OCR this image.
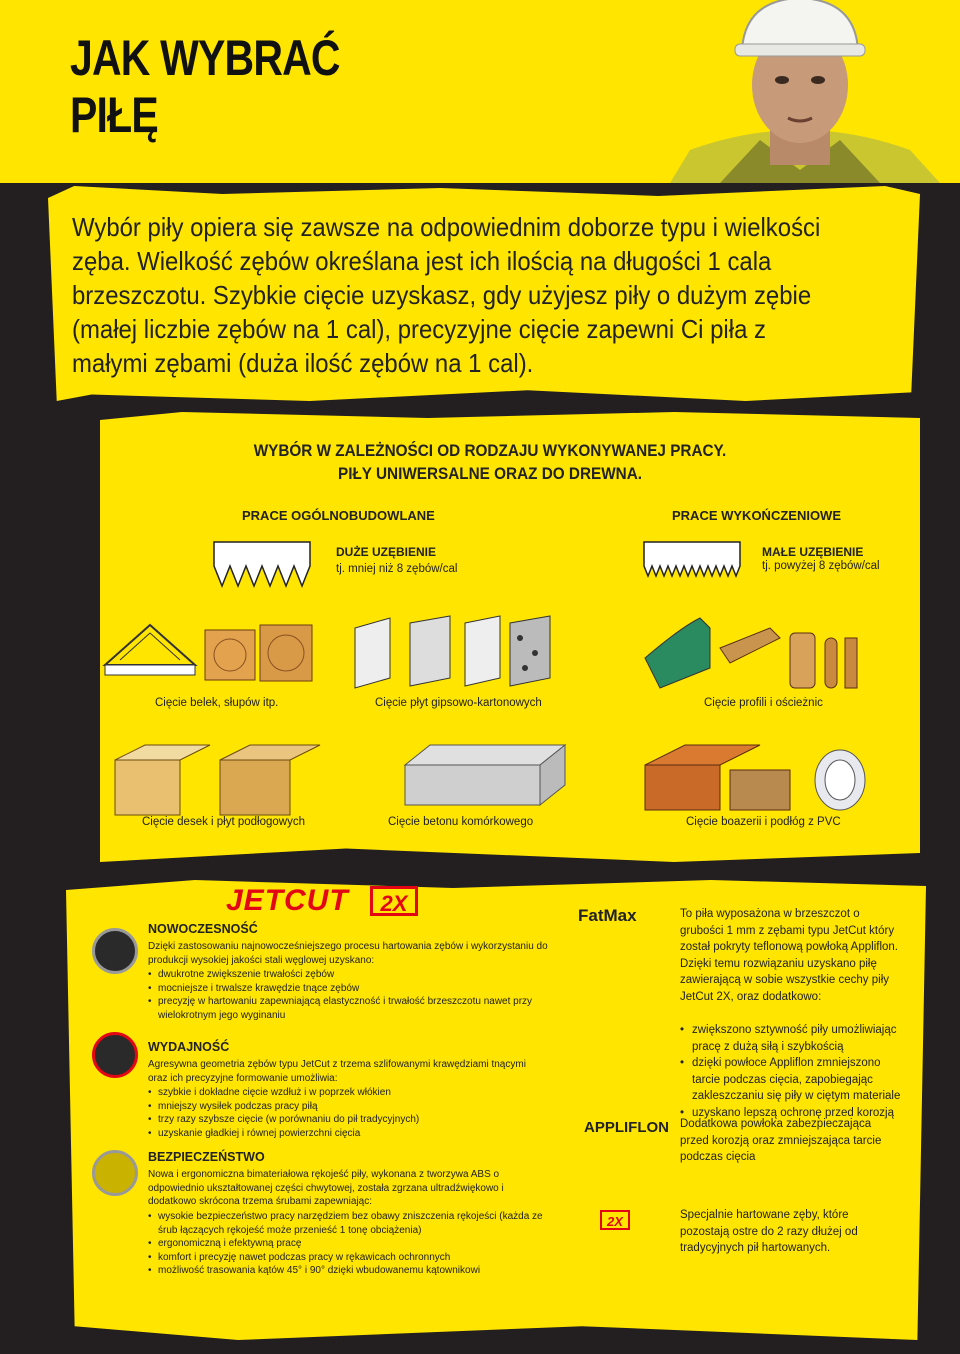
JAK WYBRAĆ
PIŁĘ
Wybór piły opiera się zawsze na odpowiednim doborze typu i wielkości zęba. Wielkość zębów określana jest ich ilością na długości 1 cala brzeszczotu. Szybkie cięcie uzyskasz, gdy użyjesz piły o dużym zębie (małej liczbie zębów na 1 cal), precyzyjne cięcie zapewni Ci piła z małymi zębami (duża ilość zębów na 1 cal).
WYBÓR W ZALEŻNOŚCI OD RODZAJU WYKONYWANEJ PRACY.
PIŁY UNIWERSALNE ORAZ DO DREWNA.
PRACE OGÓLNOBUDOWLANE	PRACE WYKOŃCZENIOWE
DUŻE UZĘBIENIE
tj. mniej niż 8 zębów/cal
MAŁE UZĘBIENIE
tj. powyżej 8 zębów/cal
Cięcie belek, słupów itp.	Cięcie płyt gipsowo-kartonowych	Cięcie profili i ościeżnic
Cięcie desek i płyt podłogowych	Cięcie betonu komórkowego	Cięcie boazerii i podłóg z PVC
JETCUT	2X
NOWOCZESNOŚĆ
Dzięki zastosowaniu najnowocześniejszego procesu hartowania zębów i wykorzystaniu do produkcji wysokiej jakości stali węglowej uzyskano:
• dwukrotne zwiększenie trwałości zębów
• mocniejsze i trwalsze krawędzie tnące zębów
• precyzję w hartowaniu zapewniającą elastyczność i trwałość brzeszczotu nawet przy wielokrotnym jego wyginaniu
WYDAJNOŚĆ
Agresywna geometria zębów typu JetCut z trzema szlifowanymi krawędziami tnącymi oraz ich precyzyjne formowanie umożliwia:
• szybkie i dokładne cięcie wzdłuż i w poprzek włókien
• mniejszy wysiłek podczas pracy piłą
• trzy razy szybsze cięcie (w porównaniu do pił tradycyjnych)
• uzyskanie gładkiej i równej powierzchni cięcia
BEZPIECZEŃSTWO
Nowa i ergonomiczna bimateriałowa rękojeść piły, wykonana z tworzywa ABS o odpowiednio ukształtowanej części chwytowej, została zgrzana ultradźwiękowo i dodatkowo skrócona trzema śrubami zapewniając:
• wysokie bezpieczeństwo pracy narzędziem bez obawy zniszczenia rękojeści (każda ze śrub łączących rękojeść może przenieść 1 tonę obciążenia)
• ergonomiczną i efektywną pracę
• komfort i precyzję nawet podczas pracy w rękawicach ochronnych
• możliwość trasowania kątów 45° i 90° dzięki wbudowanemu kątownikowi
FatMax	To piła wyposażona w brzeszczot o grubości 1 mm z zębami typu JetCut który został pokryty teflonową powłoką Appliflon. Dzięki temu rozwiązaniu uzyskano piłę zawierającą w sobie wszystkie cechy piły JetCut 2X, oraz dodatkowo:
• zwiększono sztywność piły umożliwiając pracę z dużą siłą i szybkością
• dzięki powłoce Appliflon zmniejszono tarcie podczas cięcia, zapobiegając zakleszczaniu się piły w ciętym materiale
• uzyskano lepszą ochronę przed korozją
APPLIFLON Dodatkowa powłoka zabezpieczająca przed korozją oraz zmniejszająca tarcie podczas cięcia
2X	Specjalnie hartowane zęby, które pozostają ostre do 2 razy dłużej od tradycyjnych pił hartowanych.
